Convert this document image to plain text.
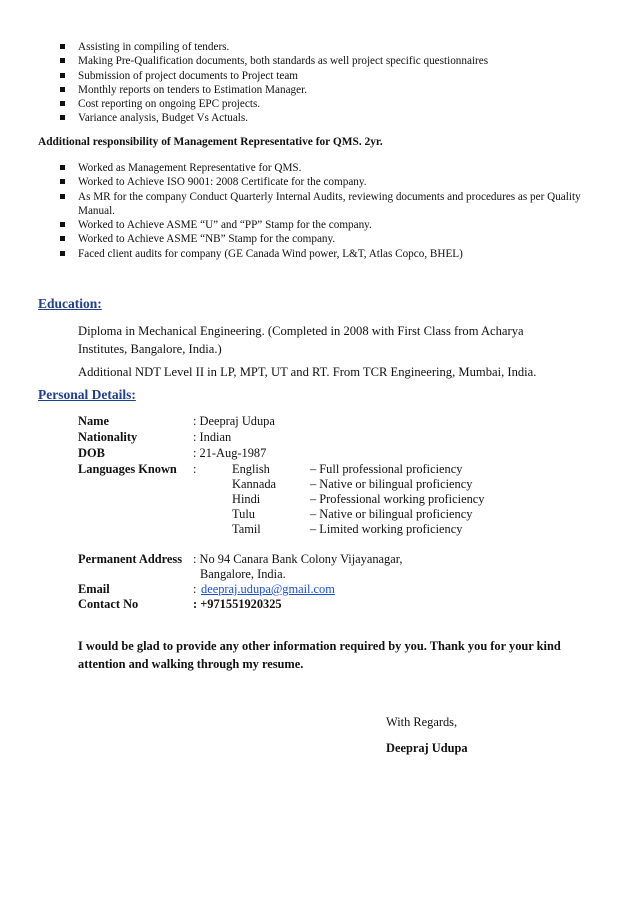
Assisting in compiling of tenders.
Making Pre-Qualification documents, both standards as well project specific questionnaires
Submission of project documents to Project team
Monthly reports on tenders to Estimation Manager.
Cost reporting on ongoing EPC projects.
Variance analysis, Budget Vs Actuals.
Additional responsibility of Management Representative for QMS. 2yr.
Worked as Management Representative for QMS.
Worked to Achieve ISO 9001: 2008 Certificate for the company.
As MR for the company Conduct Quarterly Internal Audits, reviewing documents and procedures as per Quality Manual.
Worked to Achieve ASME “U” and “PP” Stamp for the company.
Worked to Achieve ASME “NB” Stamp for the company.
Faced client audits for company (GE Canada Wind power, L&T, Atlas Copco, BHEL)
Education:
Diploma in Mechanical Engineering. (Completed in 2008 with First Class from Acharya Institutes, Bangalore, India.)
Additional NDT Level II in LP, MPT, UT and RT. From TCR Engineering, Mumbai, India.
Personal Details:
Name	: Deepraj Udupa
Nationality	: Indian
DOB	: 21-Aug-1987
Languages Known :	English	– Full professional proficiency
Kannada	– Native or bilingual proficiency
Hindi	– Professional working proficiency
Tulu	– Native or bilingual proficiency
Tamil	– Limited working proficiency
Permanent Address : No 94 Canara Bank Colony Vijayanagar,
Bangalore, India.
Email	: deepraj.udupa@gmail.com
Contact No	: +971551920325
I would be glad to provide any other information required by you. Thank you for your kind attention and walking through my resume.
With Regards,
Deepraj Udupa
